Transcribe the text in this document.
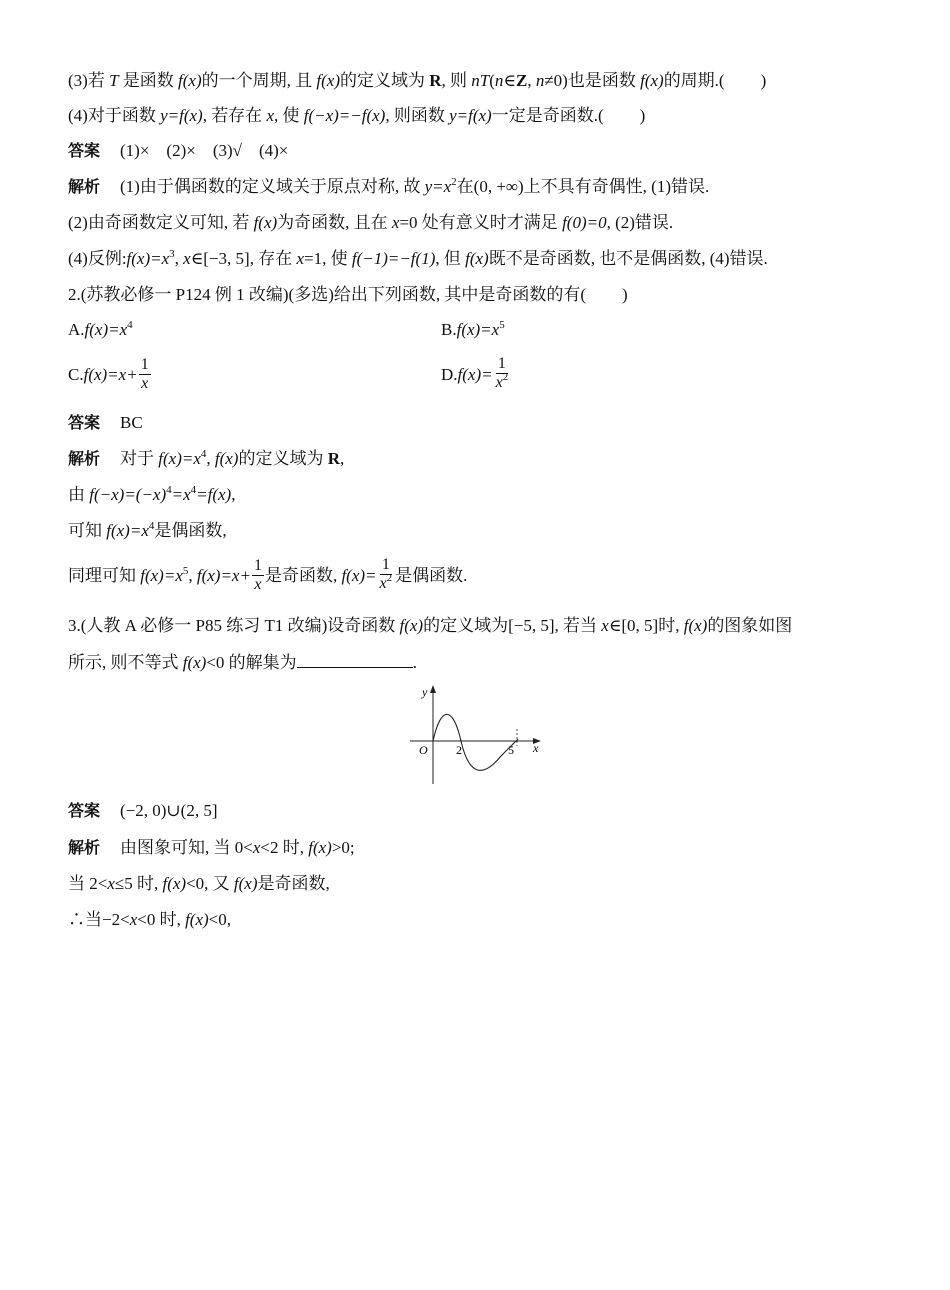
(3)若 T 是函数 f(x)的一个周期, 且 f(x)的定义域为 R, 则 nT(n∈Z, n≠0)也是函数 f(x)的周期.( )
(4)对于函数 y=f(x), 若存在 x, 使 f(−x)=−f(x), 则函数 y=f(x)一定是奇函数.( )
答案 (1)×　(2)×　(3)√　(4)×
解析 (1)由于偶函数的定义域关于原点对称, 故 $y=x^2$在(0, +∞)上不具有奇偶性, (1)错误.
(2)由奇函数定义可知, 若 f(x)为奇函数, 且在 x=0 处有意义时才满足 f(0)=0, (2)错误.
(4)反例$:f(x)=x^3$, x∈[−3, 5], 存在 x=1, 使 f(−1)=−f(1), 但 f(x)既不是奇函数, 也不是偶函数, (4)错误.
2.(苏教必修一 P124 例 1 改编)(多选)给出下列函数, 其中是奇函数的有( )
$A.f(x)=x^4$	$B.f(x)=x^5$
$C.f(x)=x+ \frac{1}{x}$	$D.f(x)= \frac{1}{x^2}$
答案 BC
解析 对于 $f(x)=x^4$, f(x)的定义域为 R,
由 $f(-x)=(-x)^4=x^4=f(x)$,
可知 $f(x)=x^4$是偶函数,
同理可知 $f(x)=x^5$, $f(x)=x+ \frac{1}{x}$ 是奇函数, $f(x)= \frac{1}{x^2}$ 是偶函数.
3.(人教 A 必修一 P85 练习 T1 改编)设奇函数 f(x)的定义域为[−5, 5], 若当 x∈[0, 5]时, f(x)的图象如图
所示, 则不等式 f(x)<0 的解集为	.
y
x
O 2	5
答案 (−2, 0)∪(2, 5]
解析 由图象可知, 当 0<x<2 时, f(x)>0;
当 2<x≤5 时, f(x)<0, 又 f(x)是奇函数,
∴当−2<x<0 时, f(x)<0,
